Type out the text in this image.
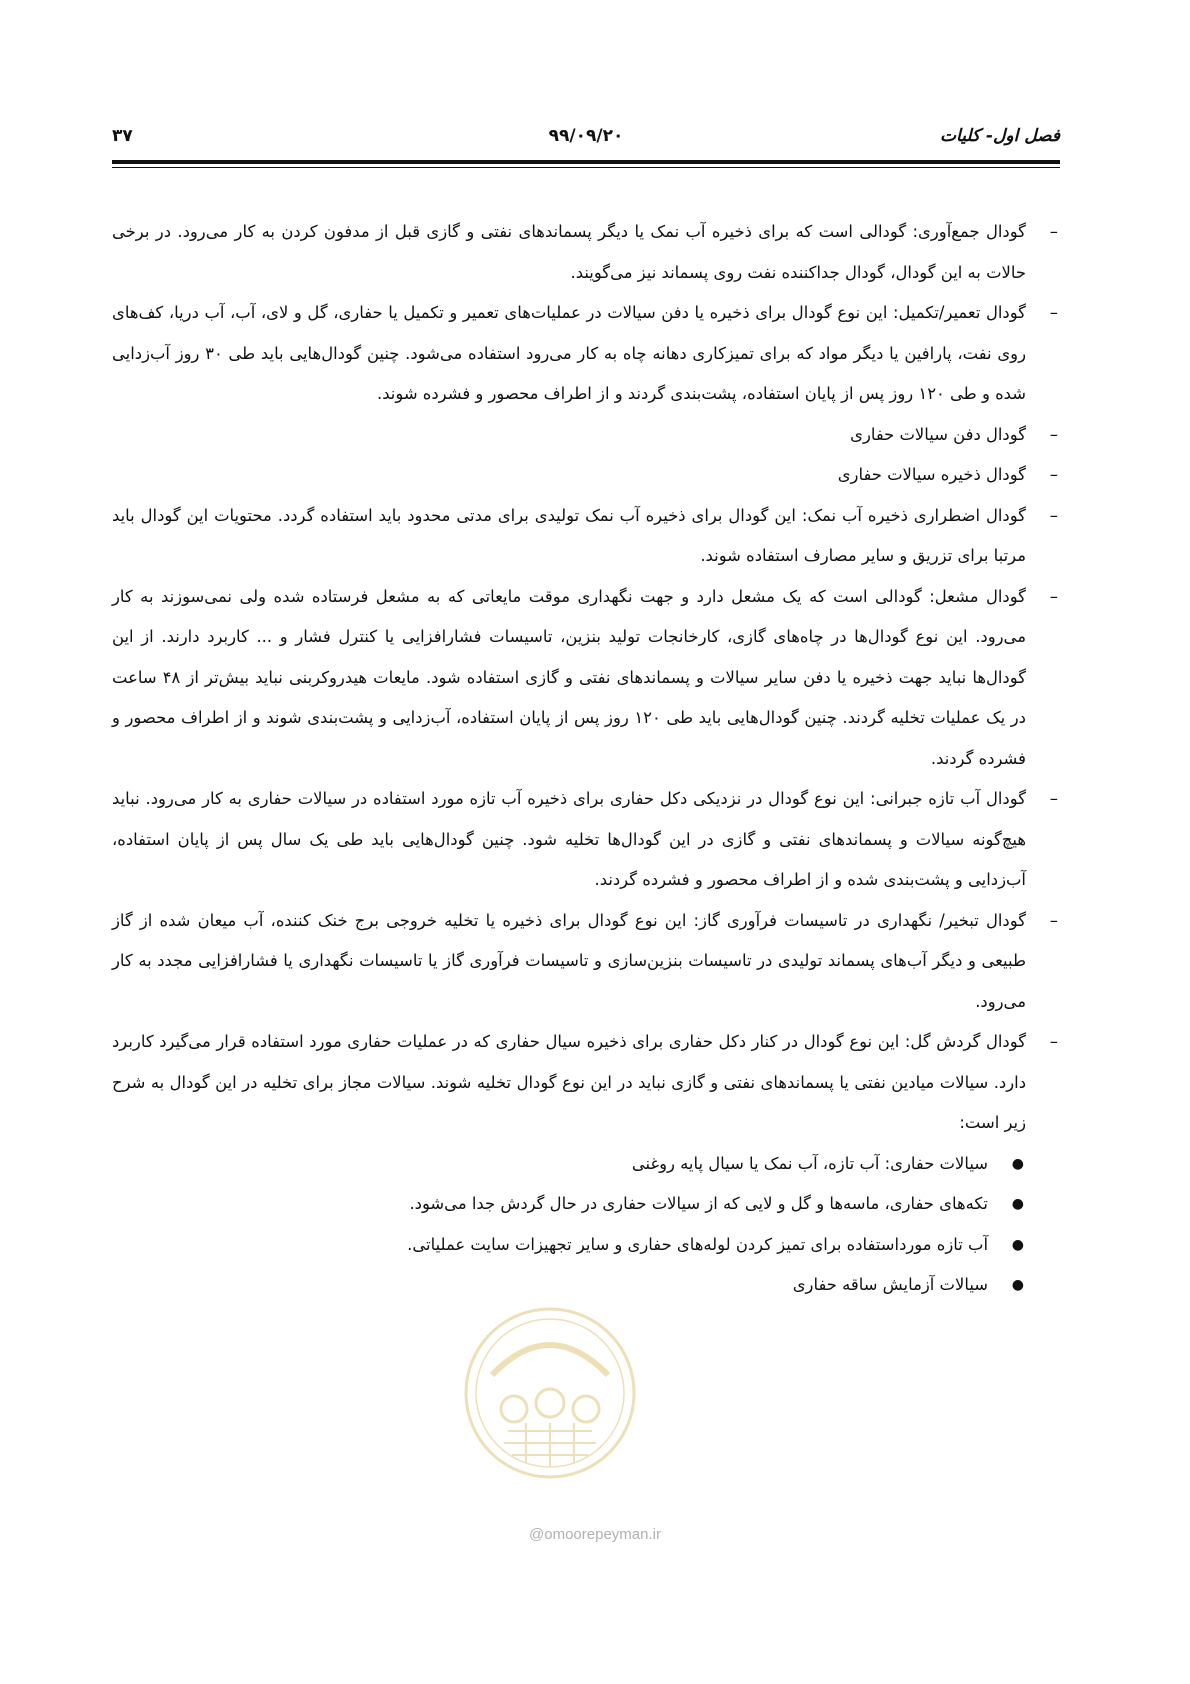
فصل اول- کلیات
۹۹/۰۹/۲۰
۳۷
–
گودال جمع‌آوری: گودالی است که برای ذخیره آب نمک یا دیگر پسماندهای نفتی و گازی قبل از مدفون کردن به کار می‌رود. در برخی حالات به این گودال، گودال جداکننده نفت روی پسماند نیز می‌گویند.
–
گودال تعمیر/تکمیل: این نوع گودال برای ذخیره یا دفن سیالات در عملیات‌های تعمیر و تکمیل یا حفاری، گل و لای، آب، آب دریا، کف‌های روی نفت، پارافین یا دیگر مواد که برای تمیزکاری دهانه چاه به کار می‌رود استفاده می‌شود. چنین گودال‌هایی باید طی ۳۰ روز آب‌زدایی شده و طی ۱۲۰ روز پس از پایان استفاده، پشت‌بندی گردند و از اطراف محصور و فشرده شوند.
–
گودال دفن سیالات حفاری
–
گودال ذخیره سیالات حفاری
–
گودال اضطراری ذخیره آب نمک: این گودال برای ذخیره آب نمک تولیدی برای مدتی محدود باید استفاده گردد. محتویات این گودال باید مرتبا برای تزریق و سایر مصارف استفاده شوند.
–
گودال مشعل: گودالی است که یک مشعل دارد و جهت نگهداری موقت مایعاتی که به مشعل فرستاده شده ولی نمی‌سوزند به کار می‌رود. این نوع گودال‌ها در چاه‌های گازی، کارخانجات تولید بنزین، تاسیسات فشارافزایی یا کنترل فشار و ... کاربرد دارند. از این گودال‌ها نباید جهت ذخیره یا دفن سایر سیالات و پسماندهای نفتی و گازی استفاده شود. مایعات هیدروکربنی نباید بیش‌تر از ۴۸ ساعت در یک عملیات تخلیه گردند. چنین گودال‌هایی باید طی ۱۲۰ روز پس از پایان استفاده، آب‌زدایی و پشت‌بندی شوند و از اطراف محصور و فشرده گردند.
–
گودال آب تازه جبرانی: این نوع گودال در نزدیکی دکل حفاری برای ذخیره آب تازه مورد استفاده در سیالات حفاری به کار می‌رود. نباید هیچ‌گونه سیالات و پسماندهای نفتی و گازی در این گودال‌ها تخلیه شود. چنین گودال‌هایی باید طی یک سال پس از پایان استفاده، آب‌زدایی و پشت‌بندی شده و از اطراف محصور و فشرده گردند.
–
گودال تبخیر/ نگهداری در تاسیسات فرآوری گاز: این نوع گودال برای ذخیره یا تخلیه خروجی برج خنک کننده، آب میعان شده از گاز طبیعی و دیگر آب‌های پسماند تولیدی در تاسیسات بنزین‌سازی و تاسیسات فرآوری گاز یا تاسیسات نگهداری یا فشارافزایی مجدد به کار می‌رود.
–
گودال گردش گل: این نوع گودال در کنار دکل حفاری برای ذخیره سیال حفاری که در عملیات حفاری مورد استفاده قرار می‌گیرد کاربرد دارد. سیالات میادین نفتی یا پسماندهای نفتی و گازی نباید در این نوع گودال تخلیه شوند. سیالات مجاز برای تخلیه در این گودال به شرح زیر است:
●
سیالات حفاری: آب تازه، آب نمک یا سیال پایه روغنی
●
تکه‌های حفاری، ماسه‌ها و گل و لایی که از سیالات حفاری در حال گردش جدا می‌شود.
●
آب تازه مورداستفاده برای تمیز کردن لوله‌های حفاری و سایر تجهیزات سایت عملیاتی.
●
سیالات آزمایش ساقه حفاری
@omoorepeyman.ir
